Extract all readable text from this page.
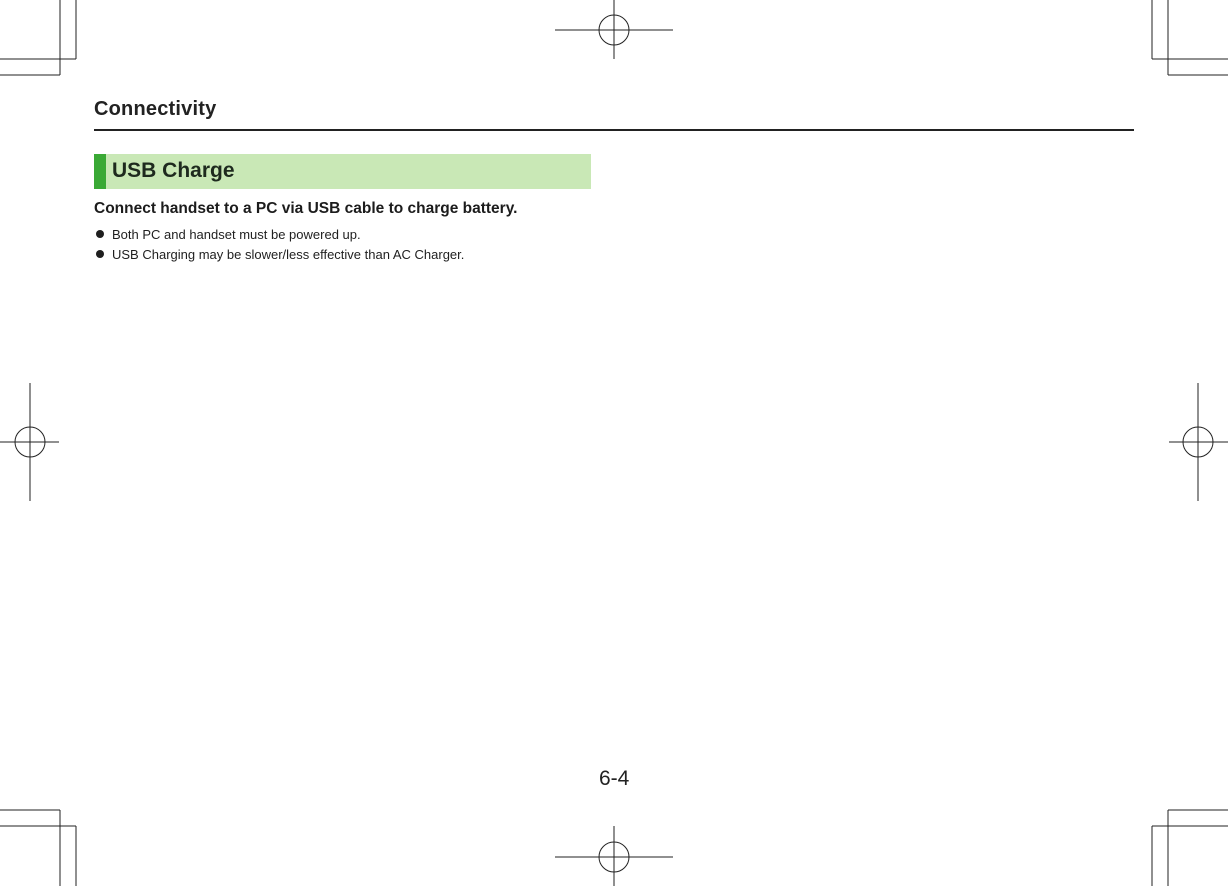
Connectivity
USB Charge
Connect handset to a PC via USB cable to charge battery.
Both PC and handset must be powered up.
USB Charging may be slower/less effective than AC Charger.
6-4
